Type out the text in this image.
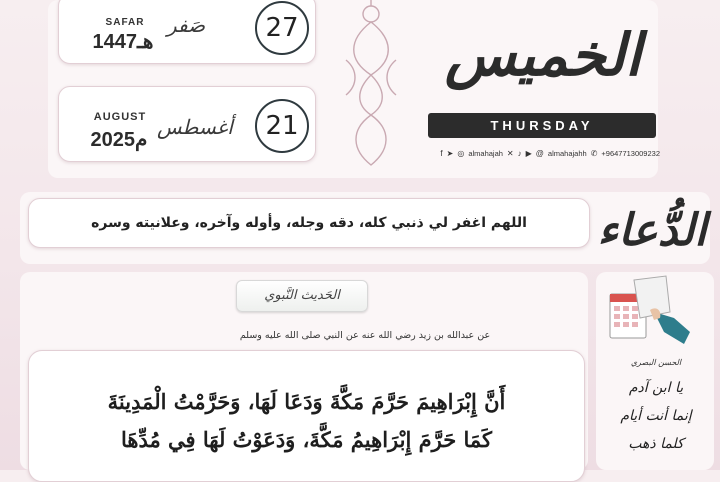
SAFAR
1447هـ
صَفر	27
AUGUST
2025م
أغسطس	21
الخميس
THURSDAY
f ➤ ◎ almahajah ✕ ♪ ▶ @ almahajahh ✆ +9647713009232
اللهم اغفر لي ذنبي كله، دقه وجله، وأوله وآخره، وعلانيته وسره	الدُّعاء
الحَديث النَّبوي
عن عبدالله بن زيد رضي الله عنه عن النبي صلى الله عليه وسلم
أَنَّ إِبْرَاهِيمَ حَرَّمَ مَكَّةَ وَدَعَا لَهَا، وَحَرَّمْتُ الْمَدِينَةَ
كَمَا حَرَّمَ إِبْرَاهِيمُ مَكَّةَ، وَدَعَوْتُ لَهَا فِي مُدِّهَا
الحسن البصري
يا ابن آدم
إنما أنت أيام
كلما ذهب
